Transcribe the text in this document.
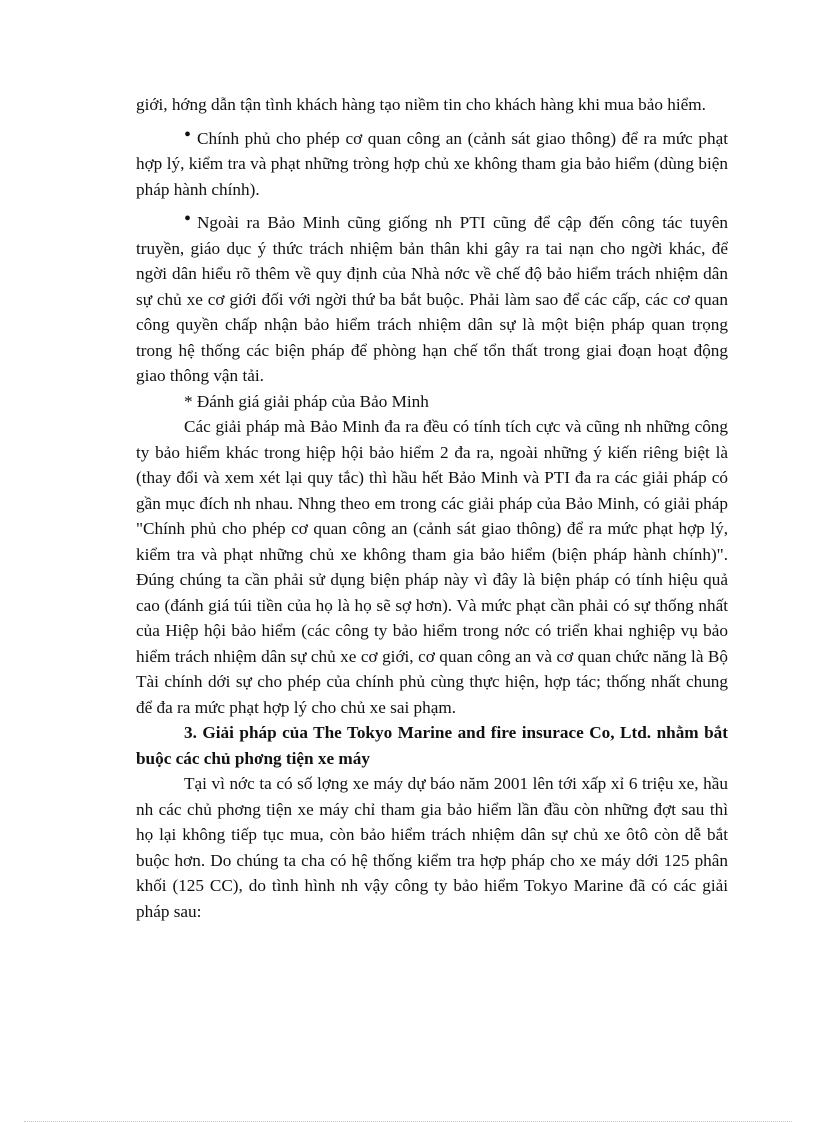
giới, hớng dẫn tận tình khách hàng tạo niềm tin cho khách hàng khi mua bảo hiểm.

• Chính phủ cho phép cơ quan công an (cảnh sát giao thông) để ra mức phạt hợp lý, kiểm tra và phạt những tròng hợp chủ xe không tham gia bảo hiểm (dùng biện pháp hành chính).

• Ngoài ra Bảo Minh cũng giống nh PTI cũng để cập đến công tác tuyên truyền, giáo dục ý thức trách nhiệm bản thân khi gây ra tai nạn cho ngời khác, để ngời dân hiểu rõ thêm về quy định của Nhà nớc về chế độ bảo hiểm trách nhiệm dân sự chủ xe cơ giới đối với ngời thứ ba bắt buộc. Phải làm sao để các cấp, các cơ quan công quyền chấp nhận bảo hiểm trách nhiệm dân sự là một biện pháp quan trọng trong hệ thống các biện pháp để phòng hạn chế tổn thất trong giai đoạn hoạt động giao thông vận tải.

* Đánh giá giải pháp của Bảo Minh

Các giải pháp mà Bảo Minh đa ra đều có tính tích cực và cũng nh những công ty bảo hiểm khác trong hiệp hội bảo hiểm 2 đa ra, ngoài những ý kiến riêng biệt là (thay đổi và xem xét lại quy tắc) thì hầu hết Bảo Minh và PTI đa ra các giải pháp có gần mục đích nh nhau. Nhng theo em trong các giải pháp của Bảo Minh, có giải pháp "Chính phủ cho phép cơ quan công an (cảnh sát giao thông) để ra mức phạt hợp lý, kiểm tra và phạt những chủ xe không tham gia bảo hiểm (biện pháp hành chính)". Đúng chúng ta cần phải sử dụng biện pháp này vì đây là biện pháp có tính hiệu quả cao (đánh giá túi tiền của họ là họ sẽ sợ hơn). Và mức phạt cần phải có sự thống nhất của Hiệp hội bảo hiểm (các công ty bảo hiểm trong nớc có triển khai nghiệp vụ bảo hiểm trách nhiệm dân sự chủ xe cơ giới, cơ quan công an và cơ quan chức năng là Bộ Tài chính dới sự cho phép của chính phủ cùng thực hiện, hợp tác; thống nhất chung để đa ra mức phạt hợp lý cho chủ xe sai phạm.

3. Giải pháp của The Tokyo Marine and fire insurace Co, Ltd. nhằm bắt buộc các chủ phơng tiện xe máy

Tại vì nớc ta có số lợng xe máy dự báo năm 2001 lên tới xấp xỉ 6 triệu xe, hầu nh các chủ phơng tiện xe máy chỉ tham gia bảo hiểm lần đầu còn những đợt sau thì họ lại không tiếp tục mua, còn bảo hiểm trách nhiệm dân sự chủ xe ôtô còn dễ bắt buộc hơn. Do chúng ta cha có hệ thống kiểm tra hợp pháp cho xe máy dới 125 phân khối (125 CC), do tình hình nh vậy công ty bảo hiểm Tokyo Marine đã có các giải pháp sau:
